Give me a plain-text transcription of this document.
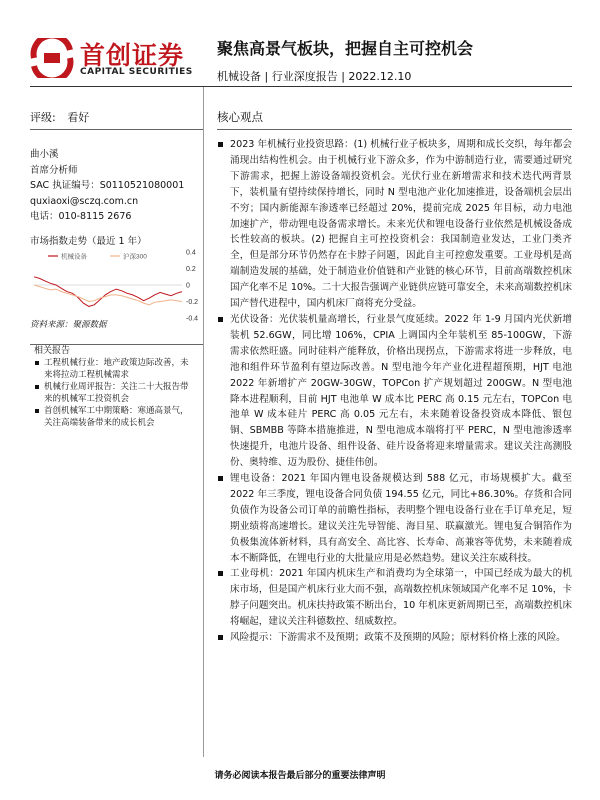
首创证券
CAPITAL SECURITIES
聚焦高景气板块，把握自主可控机会
机械设备 | 行业深度报告 | 2022.12.10
评级: 看好	核心观点
曲小溪
首席分析师
SAC 执证编号：S0110521080001
quxiaoxi@sczq.com.cn
电话：010-8115 2676
市场指数走势（最近 1 年）
0.4
0.2
0
-0.2
-0.4
机械设备	沪深300
资料来源：聚源数据
相关报告
工程机械行业：地产政策边际改善，未来将拉动工程机械需求
机械行业周评报告：关注二十大报告带来的机械军工投资机会
首创机械军工中期策略：寒通高景气，关注高端装备带来的成长机会
2023 年机械行业投资思路：(1) 机械行业子板块多，周期和成长交织，每年都会涌现出结构性机会。由于机械行业下游众多，作为中游制造行业，需要通过研究下游需求，把握上游设备端投资机会。光伏行业在新增需求和技术迭代两背景下，装机量有望持续保持增长，同时 N 型电池产业化加速推进，设备端机会层出不穷；国内新能源车渗透率已经超过 20%，提前完成 2025 年目标，动力电池加速扩产，带动锂电设备需求增长。未来光伏和锂电设备行业依然是机械设备成长性较高的板块。(2) 把握自主可控投资机会：我国制造业发达，工业门类齐全，但是部分环节仍然存在卡脖子问题，因此自主可控愈发重要。工业母机是高端制造发展的基础，处于制造业价值链和产业链的核心环节，目前高端数控机床国产化率不足 10%。二十大报告强调产业链供应链可靠安全，未来高端数控机床国产替代进程中，国内机床厂商将充分受益。
光伏设备：光伏装机量高增长，行业景气度延续。2022 年 1-9 月国内光伏新增装机 52.6GW，同比增 106%，CPIA 上调国内全年装机至 85-100GW，下游需求依然旺盛。同时硅料产能释放，价格出现拐点，下游需求将进一步释放，电池和组件环节盈利有望边际改善。N 型电池今年产业化进程超预期，HJT 电池 2022 年新增扩产 20GW-30GW，TOPCon 扩产规划超过 200GW。N 型电池降本进程顺利，目前 HJT 电池单 W 成本比 PERC 高 0.15 元左右，TOPCon 电池单 W 成本硅片 PERC 高 0.05 元左右，未来随着设备投资成本降低、银包铜、SBMBB 等降本措施推进，N 型电池成本端将打平 PERC，N 型电池渗透率快速提升，电池片设备、组件设备、硅片设备将迎来增量需求。建议关注高测股份、奥特维、迈为股份、捷佳伟创。
锂电设备：2021 年国内锂电设备规模达到 588 亿元，市场规模扩大。截至 2022 年三季度，锂电设备合同负债 194.55 亿元，同比+86.30%。存货和合同负债作为设备公司订单的前瞻性指标，表明整个锂电设备行业在手订单充足，短期业绩将高速增长。建议关注先导智能、海目星、联赢激光。锂电复合铜箔作为负极集流体新材料，具有高安全、高比容、长寿命、高兼容等优势，未来随着成本不断降低，在锂电行业的大批量应用是必然趋势。建议关注东威科技。
工业母机：2021 年国内机床生产和消费均为全球第一，中国已经成为最大的机床市场，但是国产机床行业大而不强，高端数控机床领域国产化率不足 10%，卡脖子问题突出。机床扶持政策不断出台，10 年机床更新周期已至，高端数控机床将崛起，建议关注科德数控、纽威数控。
风险提示：下游需求不及预期；政策不及预期的风险；原材料价格上涨的风险。
请务必阅读本报告最后部分的重要法律声明
